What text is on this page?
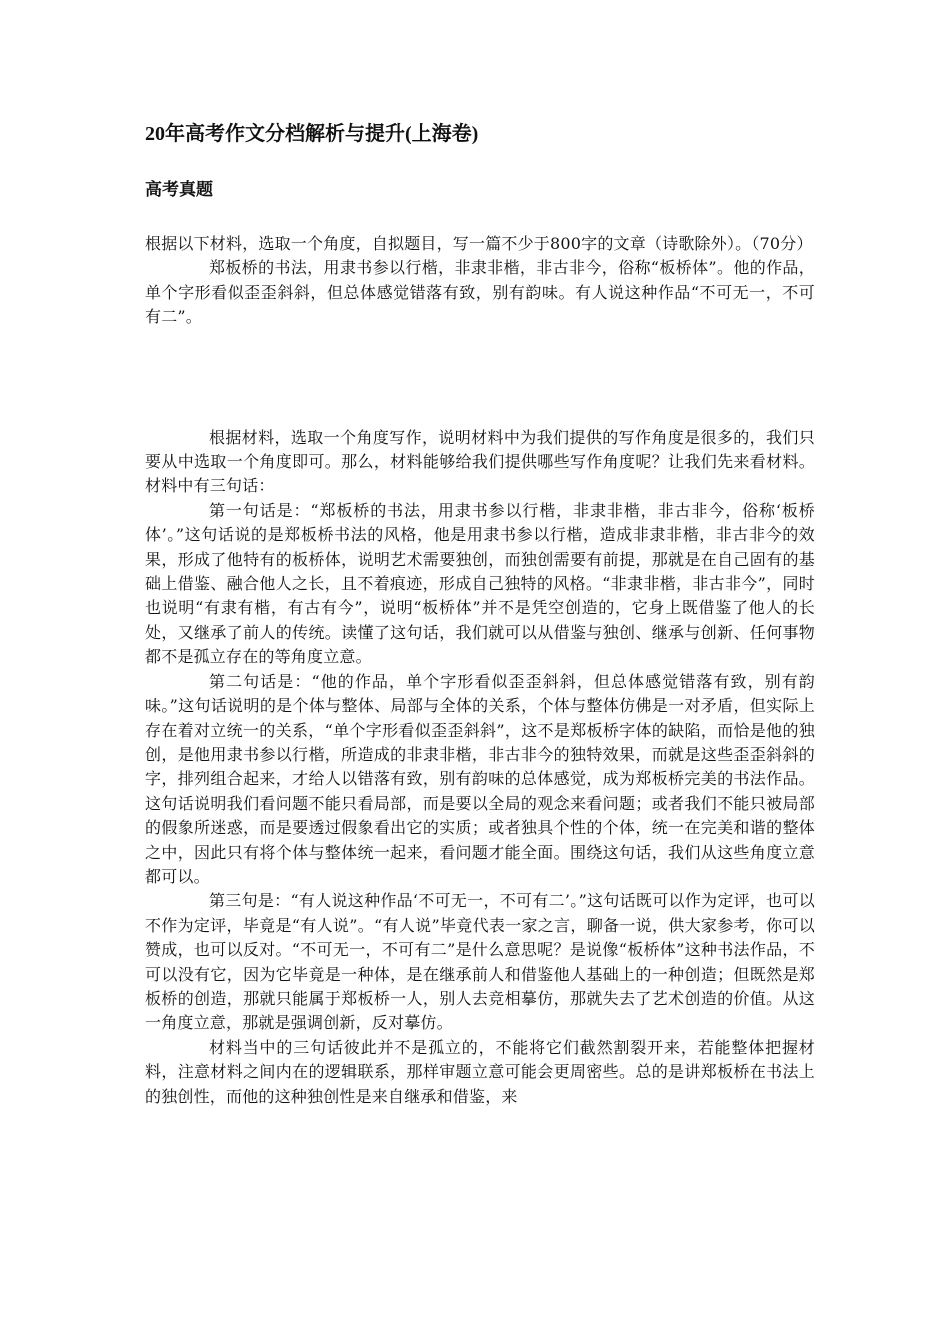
20年高考作文分档解析与提升(上海卷)
高考真题

根据以下材料，选取一个角度，自拟题目，写一篇不少于800字的文章（诗歌除外）。（70分）

郑板桥的书法，用隶书参以行楷，非隶非楷，非古非今，俗称“板桥体”。他的作品，单个字形看似歪歪斜斜，但总体感觉错落有致，别有韵味。有人说这种作品“不可无一，不可有二”。

根据材料，选取一个角度写作，说明材料中为我们提供的写作角度是很多的，我们只要从中选取一个角度即可。那么，材料能够给我们提供哪些写作角度呢？让我们先来看材料。材料中有三句话：

第一句话是：“郑板桥的书法，用隶书参以行楷，非隶非楷，非古非今，俗称‘板桥体’。”这句话说的是郑板桥书法的风格，他是用隶书参以行楷，造成非隶非楷，非古非今的效果，形成了他特有的板桥体，说明艺术需要独创，而独创需要有前提，那就是在自己固有的基础上借鉴、融合他人之长，且不着痕迹，形成自己独特的风格。“非隶非楷，非古非今”，同时也说明“有隶有楷，有古有今”，说明“板桥体”并不是凭空创造的，它身上既借鉴了他人的长处，又继承了前人的传统。读懂了这句话，我们就可以从借鉴与独创、继承与创新、任何事物都不是孤立存在的等角度立意。

第二句话是：“他的作品，单个字形看似歪歪斜斜，但总体感觉错落有致，别有韵味。”这句话说明的是个体与整体、局部与全体的关系，个体与整体仿佛是一对矛盾，但实际上存在着对立统一的关系，“单个字形看似歪歪斜斜”，这不是郑板桥字体的缺陷，而恰是他的独创，是他用隶书参以行楷，所造成的非隶非楷，非古非今的独特效果，而就是这些歪歪斜斜的字，排列组合起来，才给人以错落有致，别有韵味的总体感觉，成为郑板桥完美的书法作品。这句话说明我们看问题不能只看局部，而是要以全局的观念来看问题；或者我们不能只被局部的假象所迷惑，而是要透过假象看出它的实质；或者独具个性的个体，统一在完美和谐的整体之中，因此只有将个体与整体统一起来，看问题才能全面。围绕这句话，我们从这些角度立意都可以。

第三句是：“有人说这种作品‘不可无一，不可有二’。”这句话既可以作为定评，也可以不作为定评，毕竟是“有人说”。“有人说”毕竟代表一家之言，聊备一说，供大家参考，你可以赞成，也可以反对。“不可无一，不可有二”是什么意思呢？是说像“板桥体”这种书法作品，不可以没有它，因为它毕竟是一种体，是在继承前人和借鉴他人基础上的一种创造；但既然是郑板桥的创造，那就只能属于郑板桥一人，别人去竞相摹仿，那就失去了艺术创造的价值。从这一角度立意，那就是强调创新，反对摹仿。

材料当中的三句话彼此并不是孤立的，不能将它们截然割裂开来，若能整体把握材料，注意材料之间内在的逻辑联系，那样审题立意可能会更周密些。总的是讲郑板桥在书法上的独创性，而他的这种独创性是来自继承和借鉴，来
